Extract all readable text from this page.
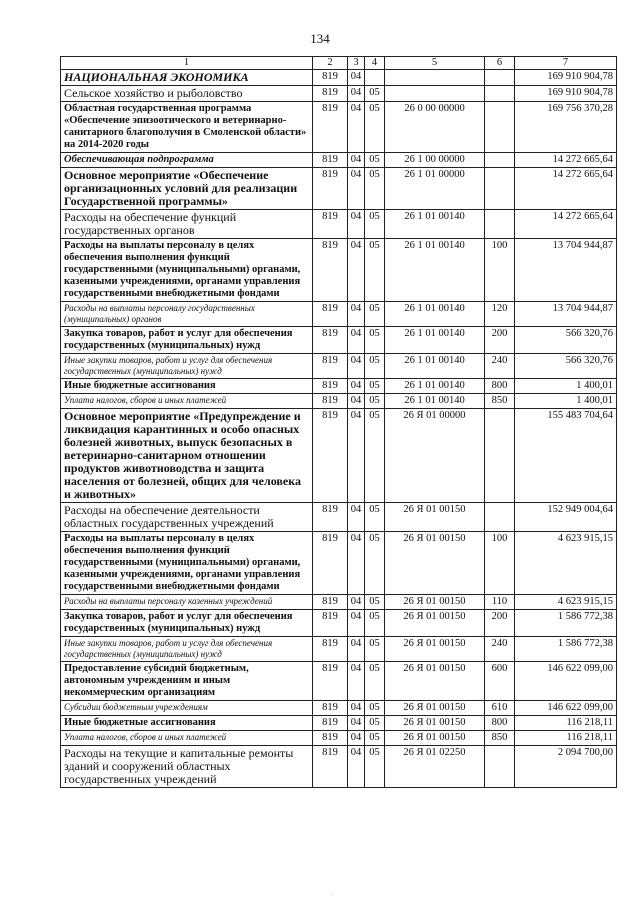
134
1	2	3	4	5	6	7
НАЦИОНАЛЬНАЯ ЭКОНОМИКА	819	04				169 910 904,78
Сельское хозяйство и рыболовство	819	04	05			169 910 904,78
Областная государственная программа «Обеспечение эпизоотического и ветеринарно-санитарного благополучия в Смоленской области» на 2014-2020 годы	819	04	05	26 0 00 00000		169 756 370,28
Обеспечивающая подпрограмма	819	04	05	26 1 00 00000		14 272 665,64
Основное мероприятие «Обеспечение организационных условий для реализации Государственной программы»	819	04	05	26 1 01 00000		14 272 665,64
Расходы на обеспечение функций государственных органов	819	04	05	26 1 01 00140		14 272 665,64
Расходы на выплаты персоналу в целях обеспечения выполнения функций государственными (муниципальными) органами, казенными учреждениями, органами управления государственными внебюджетными фондами	819	04	05	26 1 01 00140	100	13 704 944,87
Расходы на выплаты персоналу государственных (муниципальных) органов	819	04	05	26 1 01 00140	120	13 704 944,87
Закупка товаров, работ и услуг для обеспечения государственных (муниципальных) нужд	819	04	05	26 1 01 00140	200	566 320,76
Иные закупки товаров, работ и услуг для обеспечения государственных (муниципальных) нужд	819	04	05	26 1 01 00140	240	566 320,76
Иные бюджетные ассигнования	819	04	05	26 1 01 00140	800	1 400,01
Уплата налогов, сборов и иных платежей	819	04	05	26 1 01 00140	850	1 400,01
Основное мероприятие «Предупреждение и ликвидация карантинных и особо опасных болезней животных, выпуск безопасных в ветеринарно-санитарном отношении продуктов животноводства и защита населения от болезней, общих для человека и животных»	819	04	05	26 Я 01 00000		155 483 704,64
Расходы на обеспечение деятельности областных государственных учреждений	819	04	05	26 Я 01 00150		152 949 004,64
Расходы на выплаты персоналу в целях обеспечения выполнения функций государственными (муниципальными) органами, казенными учреждениями, органами управления государственными внебюджетными фондами	819	04	05	26 Я 01 00150	100	4 623 915,15
Расходы на выплаты персоналу казенных учреждений	819	04	05	26 Я 01 00150	110	4 623 915,15
Закупка товаров, работ и услуг для обеспечения государственных (муниципальных) нужд	819	04	05	26 Я 01 00150	200	1 586 772,38
Иные закупки товаров, работ и услуг для обеспечения государственных (муниципальных) нужд	819	04	05	26 Я 01 00150	240	1 586 772,38
Предоставление субсидий бюджетным, автономным учреждениям и иным некоммерческим организациям	819	04	05	26 Я 01 00150	600	146 622 099,00
Субсидии бюджетным учреждениям	819	04	05	26 Я 01 00150	610	146 622 099,00
Иные бюджетные ассигнования	819	04	05	26 Я 01 00150	800	116 218,11
Уплата налогов, сборов и иных платежей	819	04	05	26 Я 01 00150	850	116 218,11
Расходы на текущие и капитальные ремонты зданий и сооружений областных государственных учреждений	819	04	05	26 Я 01 02250		2 094 700,00
·
